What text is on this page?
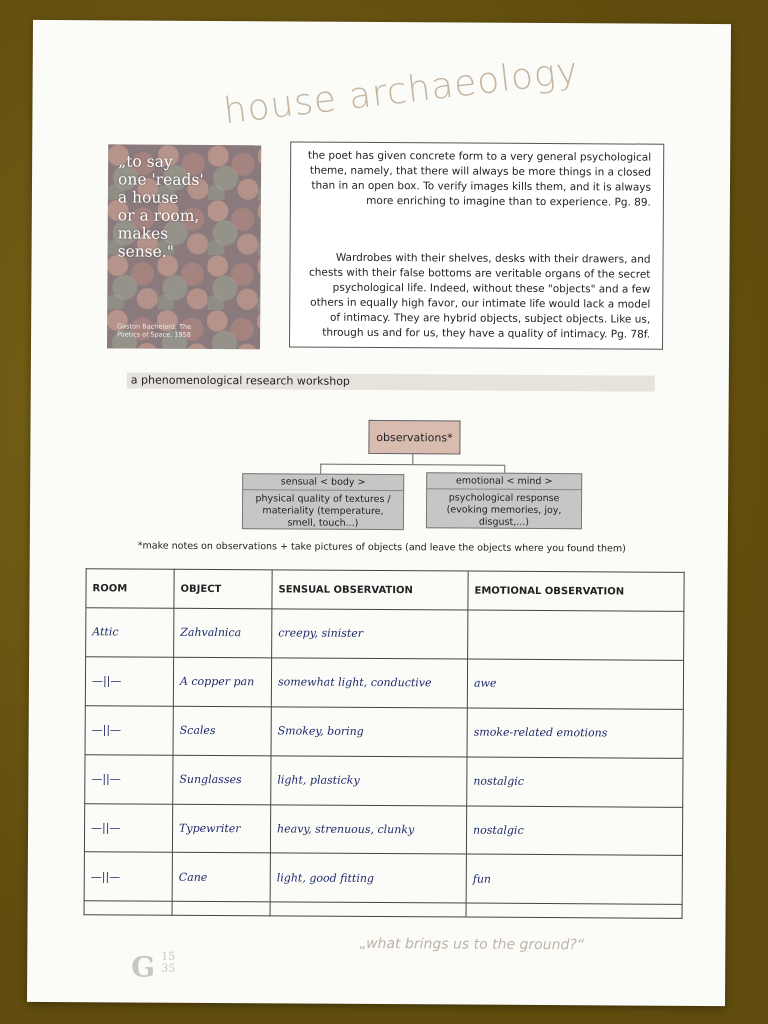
house archaeology
„to say
one 'reads'
a house
or a room,
makes
sense."
Gaston Bachelard, The
Poetics of Space, 1958
the poet has given concrete form to a very general psychological theme, namely, that there will always be more things in a closed than in an open box. To verify images kills them, and it is always more enriching to imagine than to experience. Pg. 89.
Wardrobes with their shelves, desks with their drawers, and chests with their false bottoms are veritable organs of the secret psychological life. Indeed, without these "objects" and a few others in equally high favor, our intimate life would lack a model of intimacy. They are hybrid objects, subject objects. Like us, through us and for us, they have a quality of intimacy. Pg. 78f.
a phenomenological research workshop
observations*
sensual < body >
physical quality of textures / materiality (temperature, smell, touch...)
emotional < mind >
psychological response (evoking memories, joy, disgust,...)
*make notes on observations + take pictures of objects (and leave the objects where you found them)
ROOM	OBJECT	SENSUAL OBSERVATION	EMOTIONAL OBSERVATION
Attic	Zahvalnica	creepy, sinister	
—||—	A copper pan	somewhat light, conductive	awe
—||—	Scales	Smokey, boring	smoke-related emotions
—||—	Sunglasses	light, plasticky	nostalgic
—||—	Typewriter	heavy, strenuous, clunky	nostalgic
—||—	Cane	light, good fitting	fun

„what brings us to the ground?“
G 15
35
